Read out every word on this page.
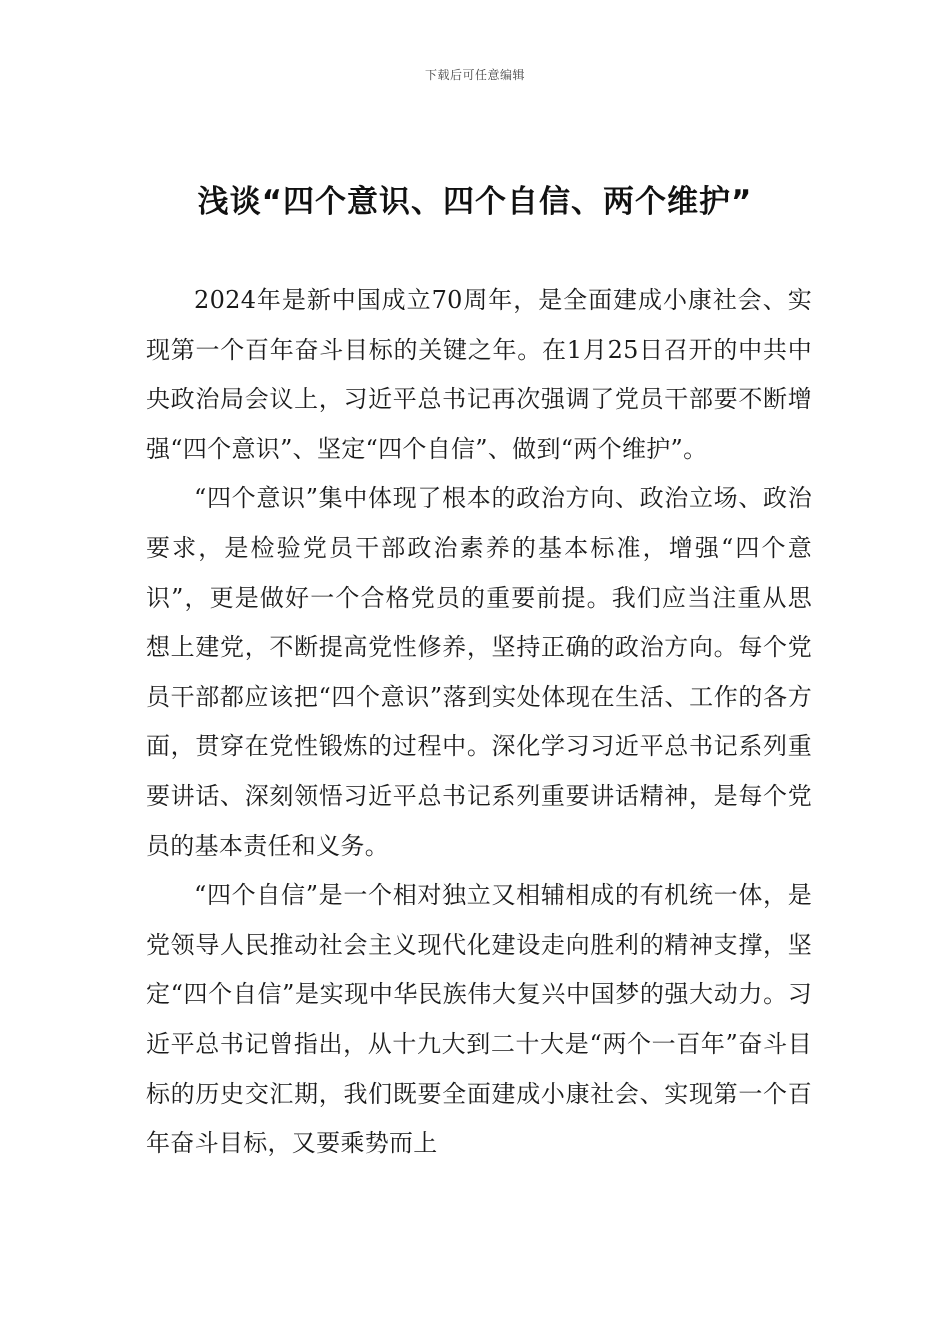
下载后可任意编辑
浅谈“四个意识、四个自信、两个维护”

2024年是新中国成立70周年，是全面建成小康社会、实现第一个百年奋斗目标的关键之年。在1月25日召开的中共中央政治局会议上，习近平总书记再次强调了党员干部要不断增强“四个意识”、坚定“四个自信”、做到“两个维护”。

“四个意识”集中体现了根本的政治方向、政治立场、政治要求，是检验党员干部政治素养的基本标准，增强“四个意识”，更是做好一个合格党员的重要前提。我们应当注重从思想上建党，不断提高党性修养，坚持正确的政治方向。每个党员干部都应该把“四个意识”落到实处体现在生活、工作的各方面，贯穿在党性锻炼的过程中。深化学习习近平总书记系列重要讲话、深刻领悟习近平总书记系列重要讲话精神，是每个党员的基本责任和义务。

“四个自信”是一个相对独立又相辅相成的有机统一体，是党领导人民推动社会主义现代化建设走向胜利的精神支撑，坚定“四个自信”是实现中华民族伟大复兴中国梦的强大动力。习近平总书记曾指出，从十九大到二十大是“两个一百年”奋斗目标的历史交汇期，我们既要全面建成小康社会、实现第一个百年奋斗目标，又要乘势而上
